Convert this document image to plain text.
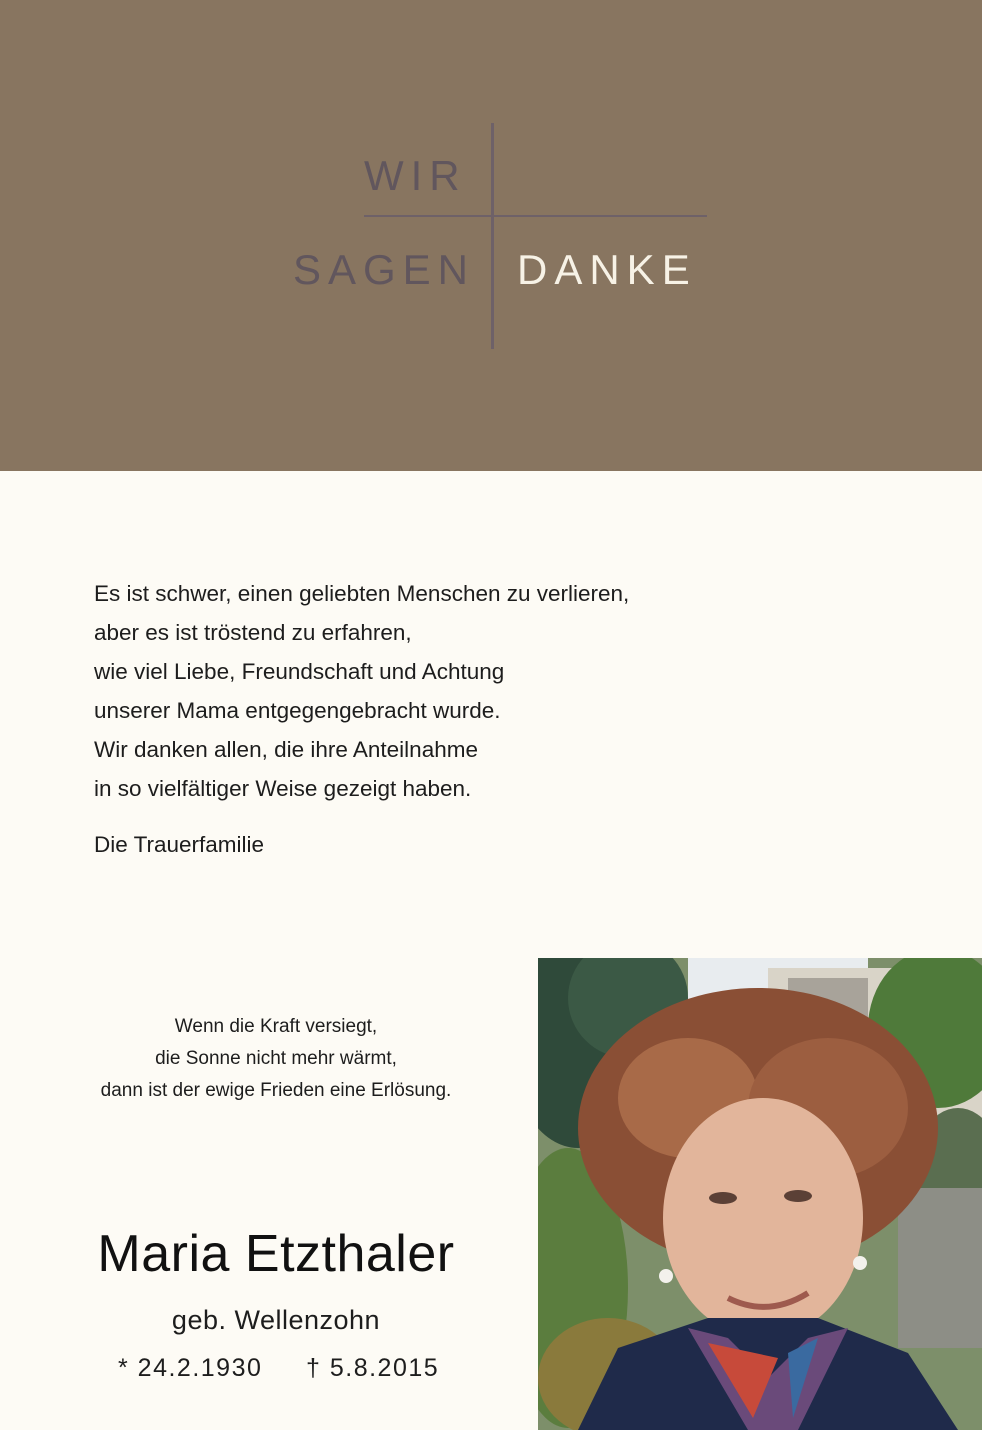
WIR
SAGEN DANKE
Es ist schwer, einen geliebten Menschen zu verlieren,
aber es ist tröstend zu erfahren,
wie viel Liebe, Freundschaft und Achtung
unserer Mama entgegengebracht wurde.
Wir danken allen, die ihre Anteilnahme
in so vielfältiger Weise gezeigt haben.
Die Trauerfamilie
Wenn die Kraft versiegt,
die Sonne nicht mehr wärmt,
dann ist der ewige Frieden eine Erlösung.
Maria Etzthaler
geb. Wellenzohn
* 24.2.1930 † 5.8.2015
